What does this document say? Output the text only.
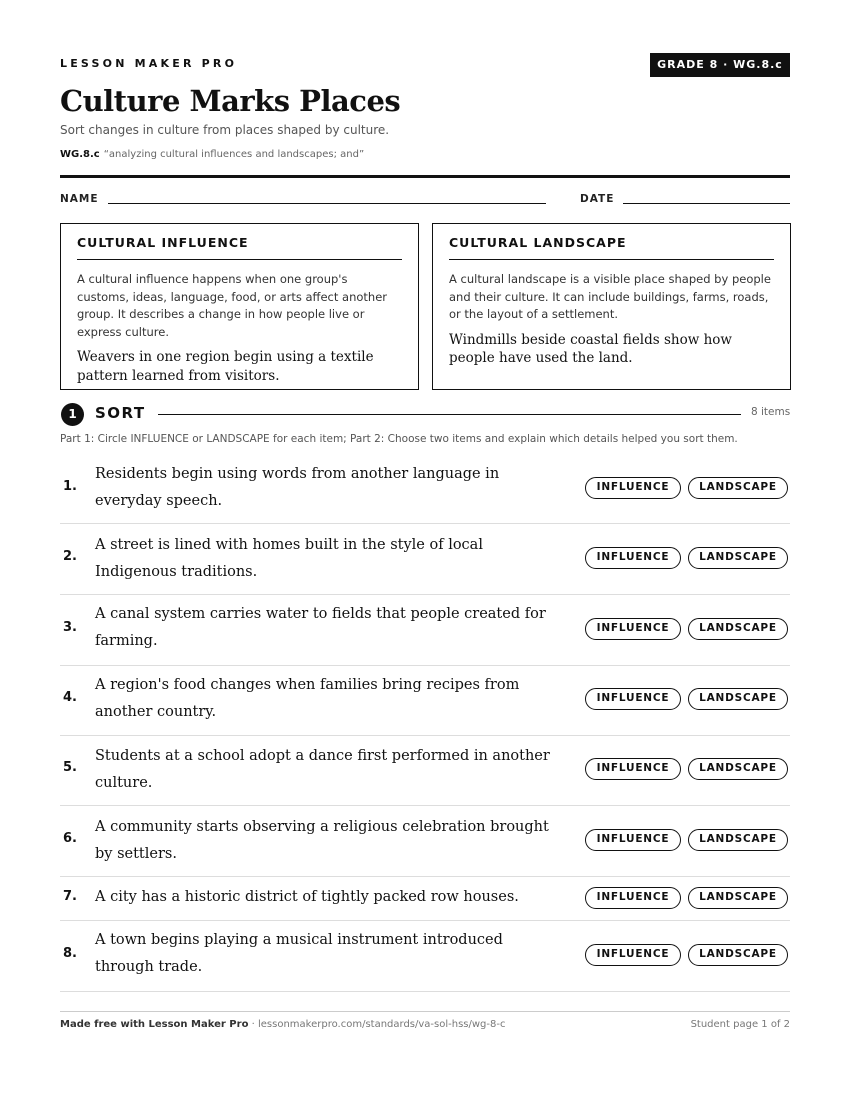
LESSON MAKER PRO	GRADE 8 · WG.8.c
Culture Marks Places
Sort changes in culture from places shaped by culture.
WG.8.c “analyzing cultural influences and landscapes; and”
NAME	DATE
CULTURAL INFLUENCE
A cultural influence happens when one group's customs, ideas, language, food, or arts affect another group. It describes a change in how people live or express culture.
Weavers in one region begin using a textile pattern learned from visitors.
CULTURAL LANDSCAPE
A cultural landscape is a visible place shaped by people and their culture. It can include buildings, farms, roads, or the layout of a settlement.
Windmills beside coastal fields show how people have used the land.
1	SORT	8 items
Part 1: Circle INFLUENCE or LANDSCAPE for each item; Part 2: Choose two items and explain which details helped you sort them.
1.
Residents begin using words from another language in everyday speech.
INFLUENCE	LANDSCAPE
2.
A street is lined with homes built in the style of local Indigenous traditions.
INFLUENCE	LANDSCAPE
3.
A canal system carries water to fields that people created for farming.
INFLUENCE	LANDSCAPE
4.
A region's food changes when families bring recipes from another country.
INFLUENCE	LANDSCAPE
5.
Students at a school adopt a dance first performed in another culture.
INFLUENCE	LANDSCAPE
6.
A community starts observing a religious celebration brought by settlers.
INFLUENCE	LANDSCAPE
7. A city has a historic district of tightly packed row houses.	INFLUENCE	LANDSCAPE
8.
A town begins playing a musical instrument introduced through trade.
INFLUENCE	LANDSCAPE
Made free with Lesson Maker Pro · lessonmakerpro.com/standards/va-sol-hss/wg-8-c	Student page 1 of 2
